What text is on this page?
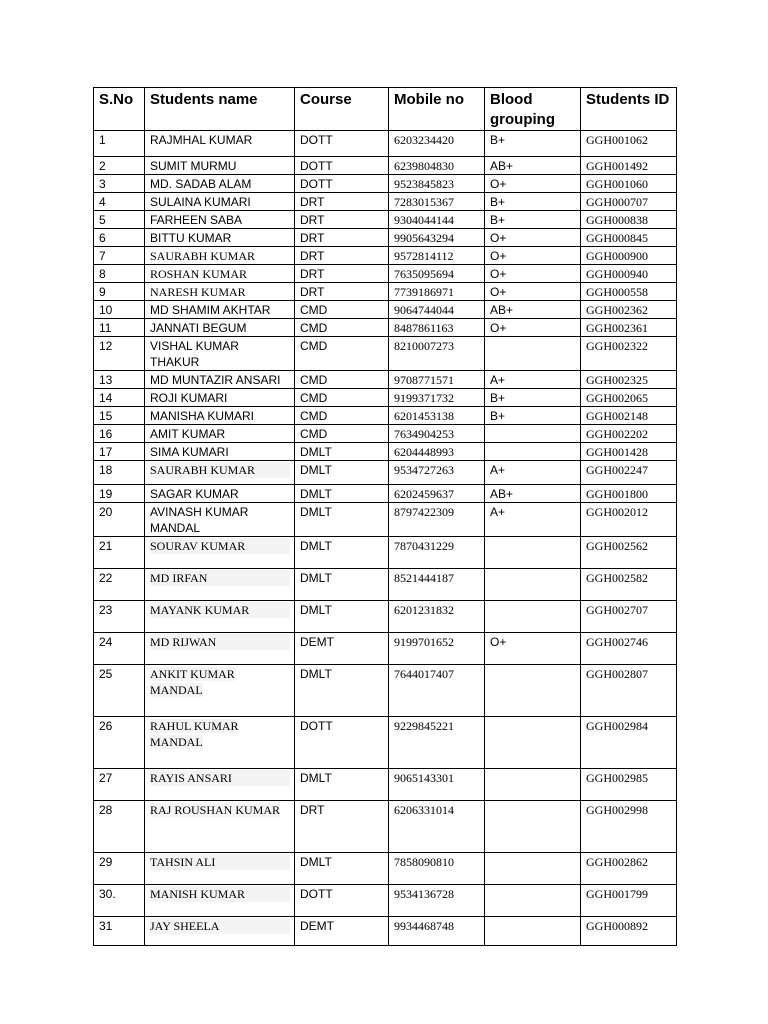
S.No	Students name	Course	Mobile no	Blood grouping	Students ID
1	RAJMHAL KUMAR	DOTT	6203234420	B+	GGH001062
2	SUMIT MURMU	DOTT	6239804830	AB+	GGH001492
3	MD. SADAB ALAM	DOTT	9523845823	O+	GGH001060
4	SULAINA KUMARI	DRT	7283015367	B+	GGH000707
5	FARHEEN SABA	DRT	9304044144	B+	GGH000838
6	BITTU KUMAR	DRT	9905643294	O+	GGH000845
7	SAURABH KUMAR	DRT	9572814112	O+	GGH000900
8	ROSHAN KUMAR	DRT	7635095694	O+	GGH000940
9	NARESH KUMAR	DRT	7739186971	O+	GGH000558
10	MD SHAMIM AKHTAR	CMD	9064744044	AB+	GGH002362
11	JANNATI BEGUM	CMD	8487861163	O+	GGH002361
12	VISHAL KUMAR THAKUR	CMD	8210007273		GGH002322
13	MD MUNTAZIR ANSARI	CMD	9708771571	A+	GGH002325
14	ROJI KUMARI	CMD	9199371732	B+	GGH002065
15	MANISHA KUMARI	CMD	6201453138	B+	GGH002148
16	AMIT KUMAR	CMD	7634904253		GGH002202
17	SIMA KUMARI	DMLT	6204448993		GGH001428
18	SAURABH KUMAR	DMLT	9534727263	A+	GGH002247
19	SAGAR KUMAR	DMLT	6202459637	AB+	GGH001800
20	AVINASH KUMAR MANDAL	DMLT	8797422309	A+	GGH002012
21	SOURAV KUMAR	DMLT	7870431229		GGH002562
22	MD IRFAN	DMLT	8521444187		GGH002582
23	MAYANK KUMAR	DMLT	6201231832		GGH002707
24	MD RIJWAN	DEMT	9199701652	O+	GGH002746
25	ANKIT KUMAR MANDAL	DMLT	7644017407		GGH002807
26	RAHUL KUMAR MANDAL	DOTT	9229845221		GGH002984
27	RAYIS ANSARI	DMLT	9065143301		GGH002985
28	RAJ ROUSHAN KUMAR	DRT	6206331014		GGH002998
29	TAHSIN ALI	DMLT	7858090810		GGH002862
30.	MANISH KUMAR	DOTT	9534136728		GGH001799
31	JAY SHEELA	DEMT	9934468748		GGH000892
